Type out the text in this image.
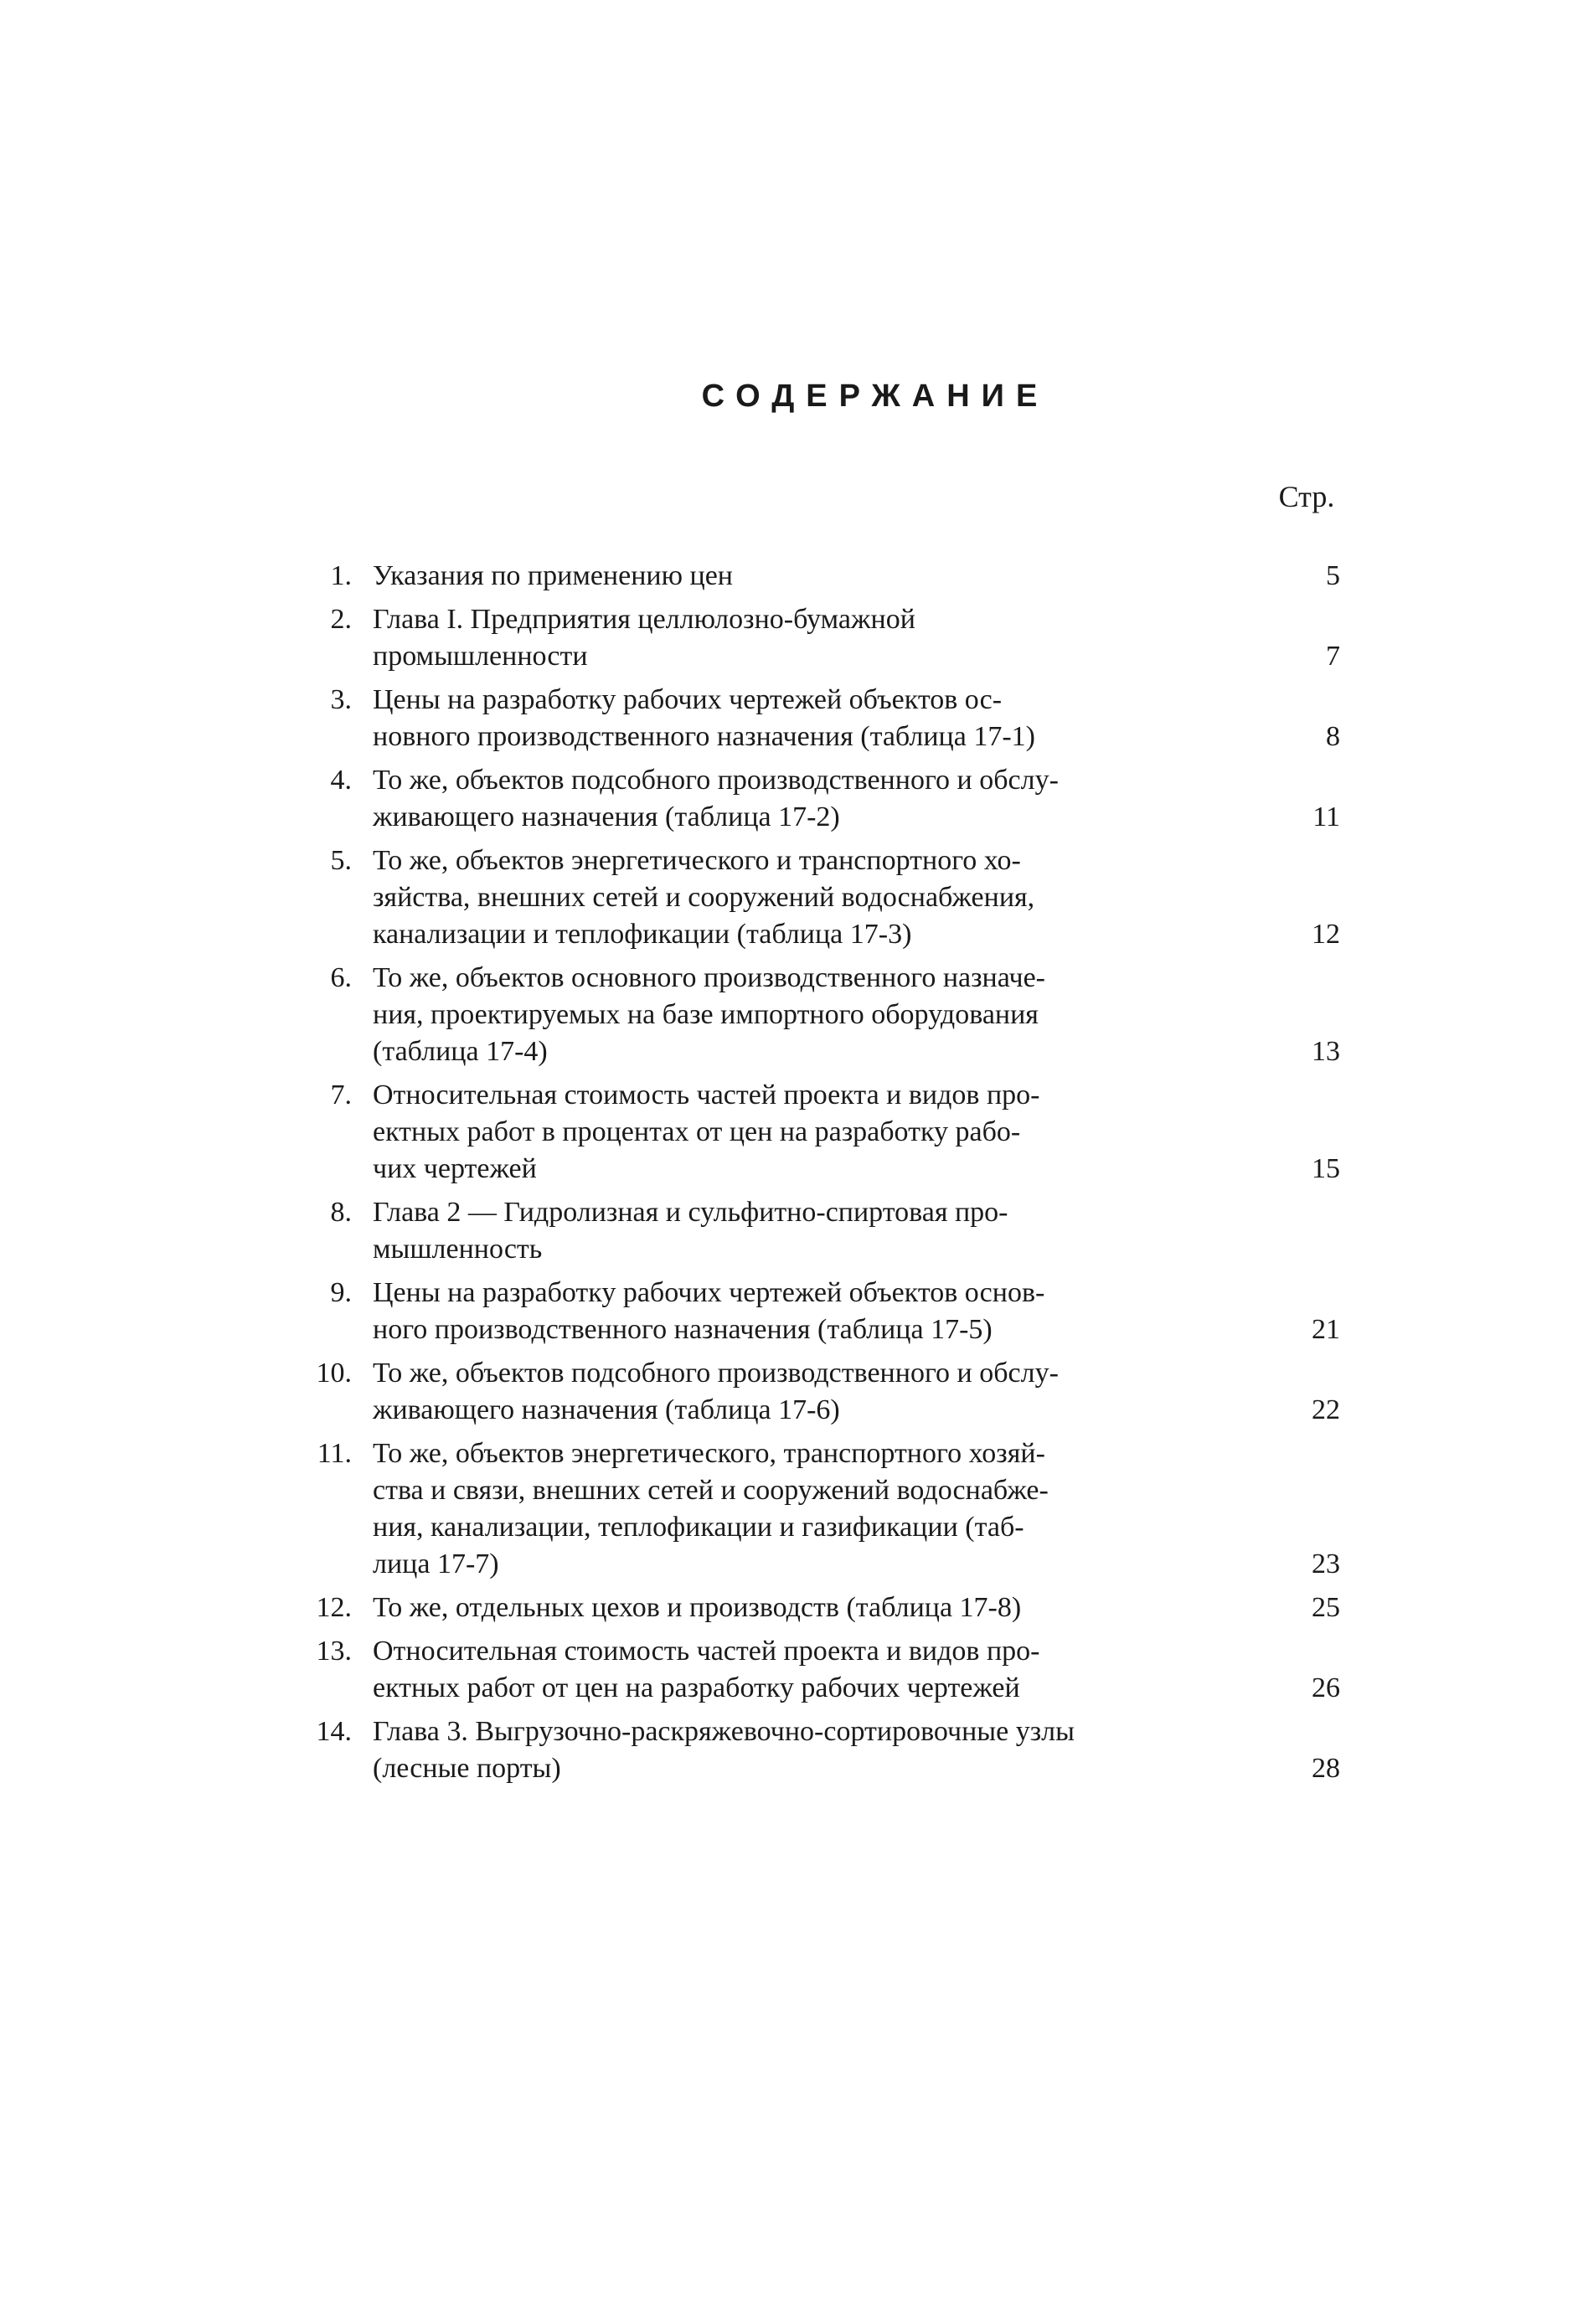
СОДЕРЖАНИЕ
Стр.
1. Указания по применению цен	5
2. Глава I. Предприятия целлюлозно-бумажной
промышленности	7
3. Цены на разработку рабочих чертежей объектов ос-
новного производственного назначения (таблица 17-1)	8
4. То же, объектов подсобного производственного и обслу-
живающего назначения (таблица 17-2)	11
5. То же, объектов энергетического и транспортного хо-
зяйства, внешних сетей и сооружений водоснабжения,
канализации и теплофикации (таблица 17-3)	12
6. То же, объектов основного производственного назначе-
ния, проектируемых на базе импортного оборудования
(таблица 17-4)	13
7. Относительная стоимость частей проекта и видов про-
ектных работ в процентах от цен на разработку рабо-
чих чертежей	15
8. Глава 2 — Гидролизная и сульфитно-спиртовая про-
мышленность
9. Цены на разработку рабочих чертежей объектов основ-
ного производственного назначения (таблица 17-5)	21
10. То же, объектов подсобного производственного и обслу-
живающего назначения (таблица 17-6)	22
11. То же, объектов энергетического, транспортного хозяй-
ства и связи, внешних сетей и сооружений водоснабже-
ния, канализации, теплофикации и газификации (таб-
лица 17-7)	23
12. То же, отдельных цехов и производств (таблица 17-8)	25
13. Относительная стоимость частей проекта и видов про-
ектных работ от цен на разработку рабочих чертежей	26
14. Глава 3. Выгрузочно-раскряжевочно-сортировочные узлы
(лесные порты)	28
